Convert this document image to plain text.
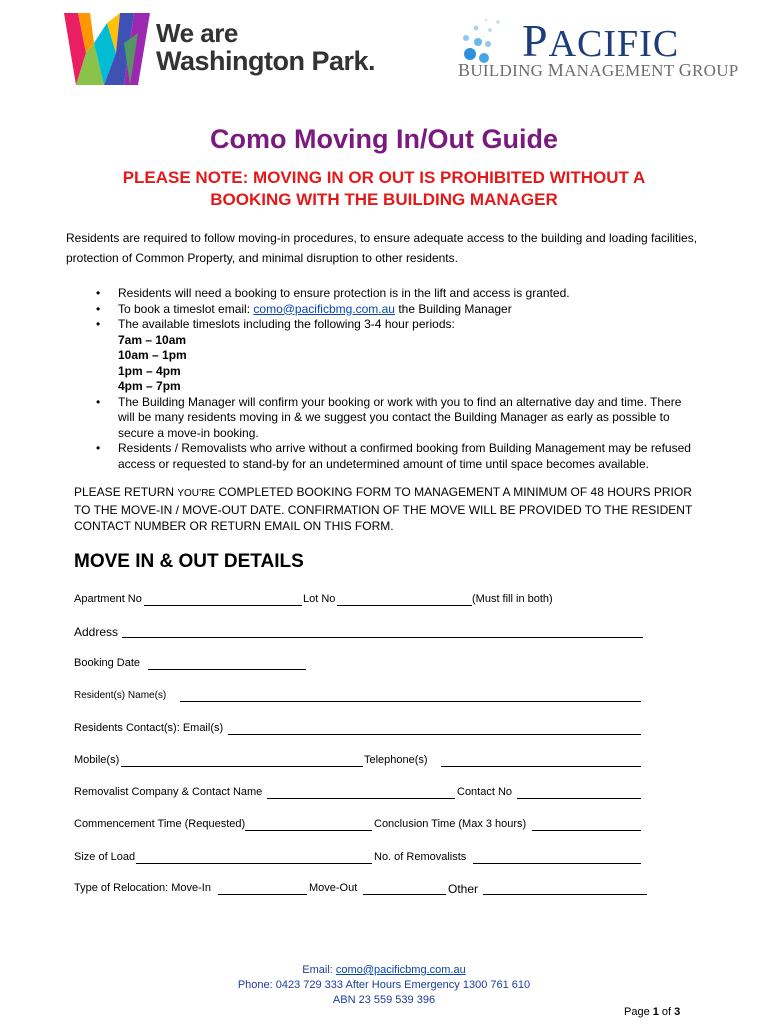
We are
Washington Park.	PACIFIC
BUILDING MANAGEMENT GROUP
Como Moving In/Out Guide
PLEASE NOTE: MOVING IN OR OUT IS PROHIBITED WITHOUT A BOOKING WITH THE BUILDING MANAGER
Residents are required to follow moving-in procedures, to ensure adequate access to the building and loading facilities, protection of Common Property, and minimal disruption to other residents.
• Residents will need a booking to ensure protection is in the lift and access is granted.
• To book a timeslot email: como@pacificbmg.com.au the Building Manager
• The available timeslots including the following 3-4 hour periods:
7am – 10am
10am – 1pm
1pm – 4pm
4pm – 7pm
• The Building Manager will confirm your booking or work with you to find an alternative day and time. There will be many residents moving in & we suggest you contact the Building Manager as early as possible to secure a move-in booking.
• Residents / Removalists who arrive without a confirmed booking from Building Management may be refused access or requested to stand-by for an undetermined amount of time until space becomes available.
PLEASE RETURN YOU’RE COMPLETED BOOKING FORM TO MANAGEMENT A MINIMUM OF 48 HOURS PRIOR TO THE MOVE-IN / MOVE-OUT DATE. CONFIRMATION OF THE MOVE WILL BE PROVIDED TO THE RESIDENT CONTACT NUMBER OR RETURN EMAIL ON THIS FORM.
MOVE IN & OUT DETAILS
Apartment No	Lot No	(Must fill in both)
Address
Booking Date
Resident(s) Name(s)
Residents Contact(s): Email(s)
Mobile(s)	Telephone(s)
Removalist Company & Contact Name	Contact No
Commencement Time (Requested)	Conclusion Time (Max 3 hours)
Size of Load	No. of Removalists
Type of Relocation: Move-In	Move-Out	Other
Email: como@pacificbmg.com.au
Phone: 0423 729 333 After Hours Emergency 1300 761 610
ABN 23 559 539 396
Page 1 of 3
